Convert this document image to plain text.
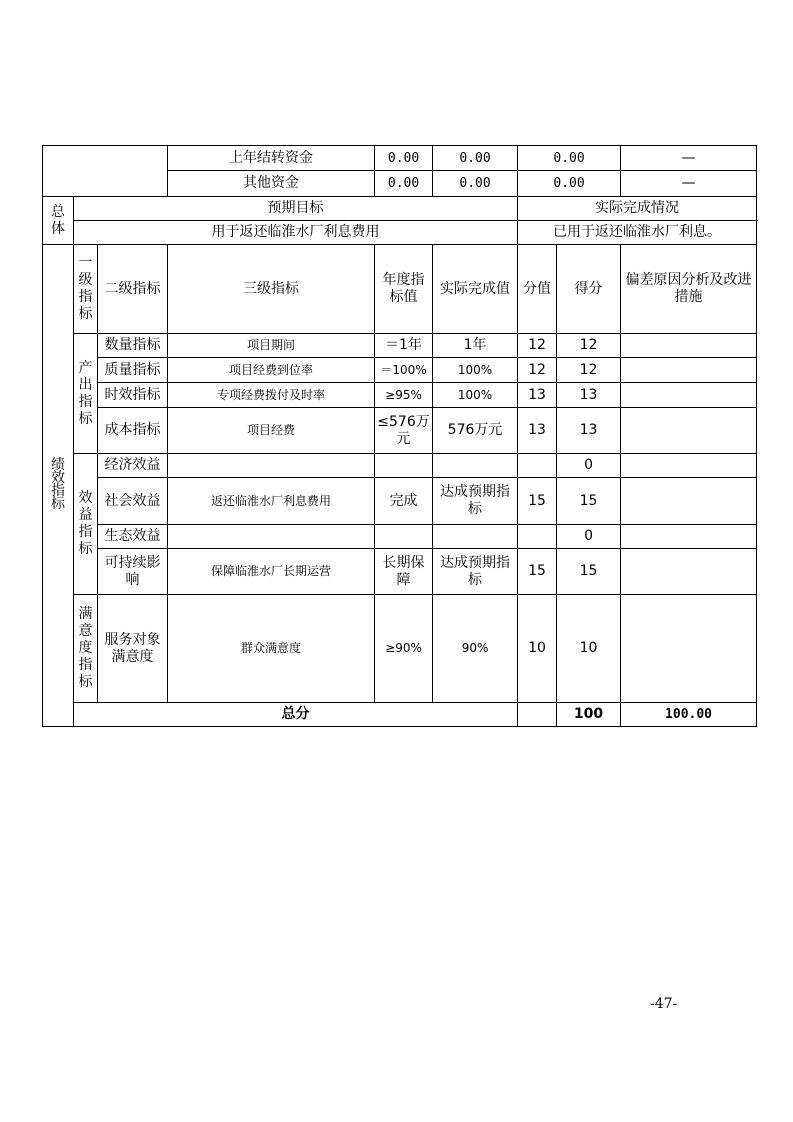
			上年结转资金	0.00	0.00	0.00		—	
			其他资金	0.00	0.00	0.00		—	
总体	预期目标					实际完成情况			
	用于返还临淮水厂利息费用					已用于返还临淮水厂利息。			
绩效指标	一级指标	二级指标	三级指标	年度指标值	实际完成值	分值	得分	偏差原因分析及改进措施	
	产出指标	数量指标	项目期间	＝1年	1年	12	12		
		质量指标	项目经费到位率	＝100%	100%	12	12		
		时效指标	专项经费拨付及时率	≥95%	100%	13	13		
		成本指标	项目经费	≤576万元	576万元	13	13		
	效益指标	经济效益					0		
		社会效益	返还临淮水厂利息费用	完成	达成预期指标	15	15		
		生态效益					0		
		可持续影响	保障临淮水厂长期运营	长期保障	达成预期指标	15	15		
	满意度指标	服务对象满意度	群众满意度	≥90%	90%	10	10		
	总分						100	100.00	
-47-
